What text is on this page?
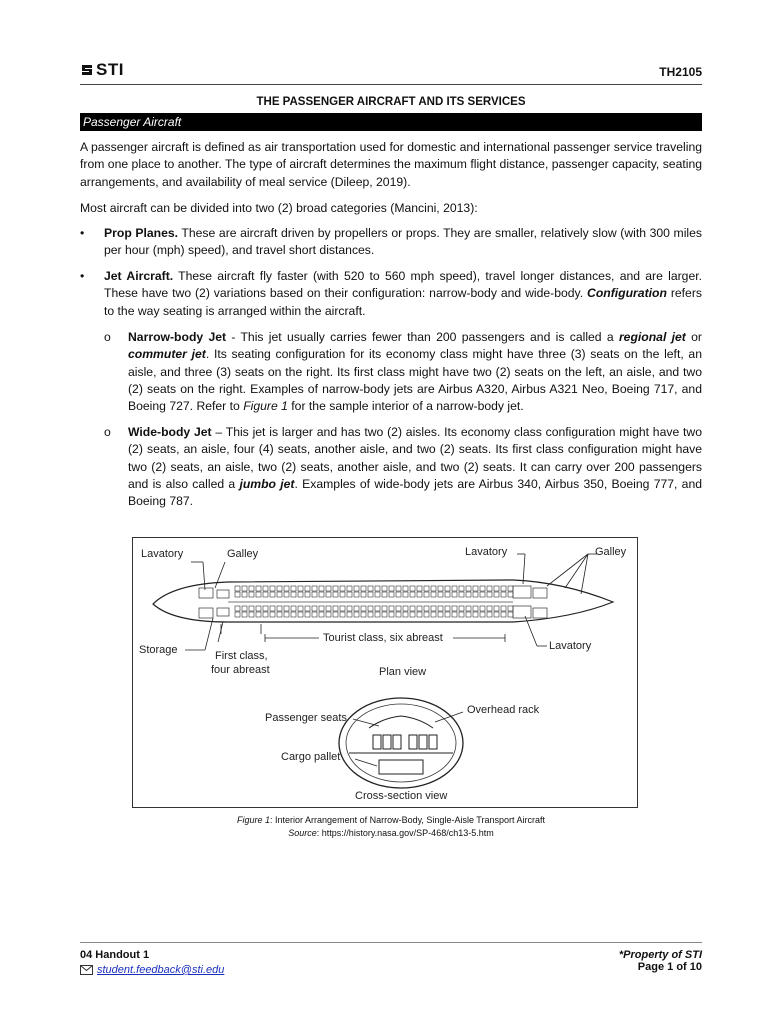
STI	TH2105
THE PASSENGER AIRCRAFT AND ITS SERVICES
Passenger Aircraft
A passenger aircraft is defined as air transportation used for domestic and international passenger service traveling from one place to another. The type of aircraft determines the maximum flight distance, passenger capacity, seating arrangements, and availability of meal service (Dileep, 2019).
Most aircraft can be divided into two (2) broad categories (Mancini, 2013):
•	Prop Planes. These are aircraft driven by propellers or props. They are smaller, relatively slow (with 300 miles per hour (mph) speed), and travel short distances.
•	Jet Aircraft. These aircraft fly faster (with 520 to 560 mph speed), travel longer distances, and are larger. These have two (2) variations based on their configuration: narrow-body and wide-body. Configuration refers to the way seating is arranged within the aircraft.
o Narrow-body Jet - This jet usually carries fewer than 200 passengers and is called a regional jet or commuter jet. Its seating configuration for its economy class might have three (3) seats on the left, an aisle, and three (3) seats on the right. Its first class might have two (2) seats on the left, an aisle, and two (2) seats on the right. Examples of narrow-body jets are Airbus A320, Airbus A321 Neo, Boeing 717, and Boeing 727. Refer to Figure 1 for the sample interior of a narrow-body jet.
o Wide-body Jet – This jet is larger and has two (2) aisles. Its economy class configuration might have two (2) seats, an aisle, four (4) seats, another aisle, and two (2) seats. Its first class configuration might have two (2) seats, an aisle, two (2) seats, another aisle, and two (2) seats. It can carry over 200 passengers and is also called a jumbo jet. Examples of wide-body jets are Airbus 340, Airbus 350, Boeing 777, and Boeing 787.
Lavatory	Galley	Lavatory	Galley
Storage	First class,
four abreast
Tourist class, six abreast
Lavatory
Plan view
Passenger seats
Overhead rack
Cargo pallet
Cross-section view
Figure 1: Interior Arrangement of Narrow-Body, Single-Aisle Transport Aircraft
Source: https://history.nasa.gov/SP-468/ch13-5.htm
04 Handout 1
student.feedback@sti.edu
*Property of STI
Page 1 of 10
